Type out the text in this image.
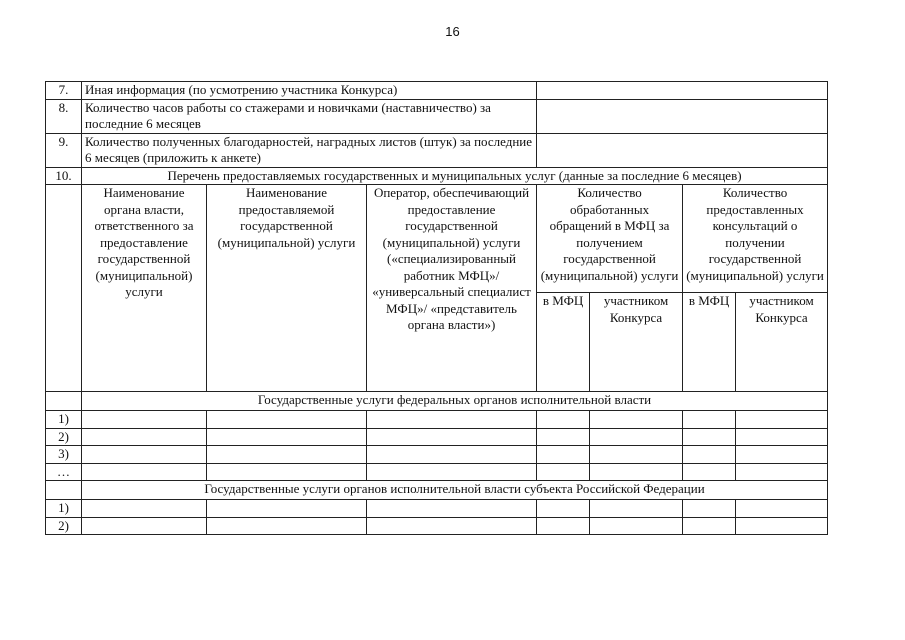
16
7.	Иная информация (по усмотрению участника Конкурса)						
8.	Количество часов работы со стажерами и новичками (наставничество) за последние 6 месяцев						
9.	Количество полученных благодарностей, наградных листов (штук) за последние 6 месяцев (приложить к анкете)						
10.	Перечень предоставляемых государственных и муниципальных услуг (данные за последние 6 месяцев)						
	Наименование органа власти, ответственного за предоставление государственной (муниципальной) услуги	Наименование предоставляемой государственной (муниципальной) услуги	Оператор, обеспечивающий предоставление государственной (муниципальной) услуги («специализированный работник МФЦ»/ «универсальный специалист МФЦ»/ «представитель органа власти»)	Количество обработанных обращений в МФЦ за получением государственной (муниципальной) услуги		Количество предоставленных консультаций о получении государственной (муниципальной) услуги	
				в МФЦ	участником Конкурса	в МФЦ	участником Конкурса
	Государственные услуги федеральных органов исполнительной власти						
1)							
2)							
3)							
…							
	Государственные услуги органов исполнительной власти субъекта Российской Федерации						
1)							
2)							
